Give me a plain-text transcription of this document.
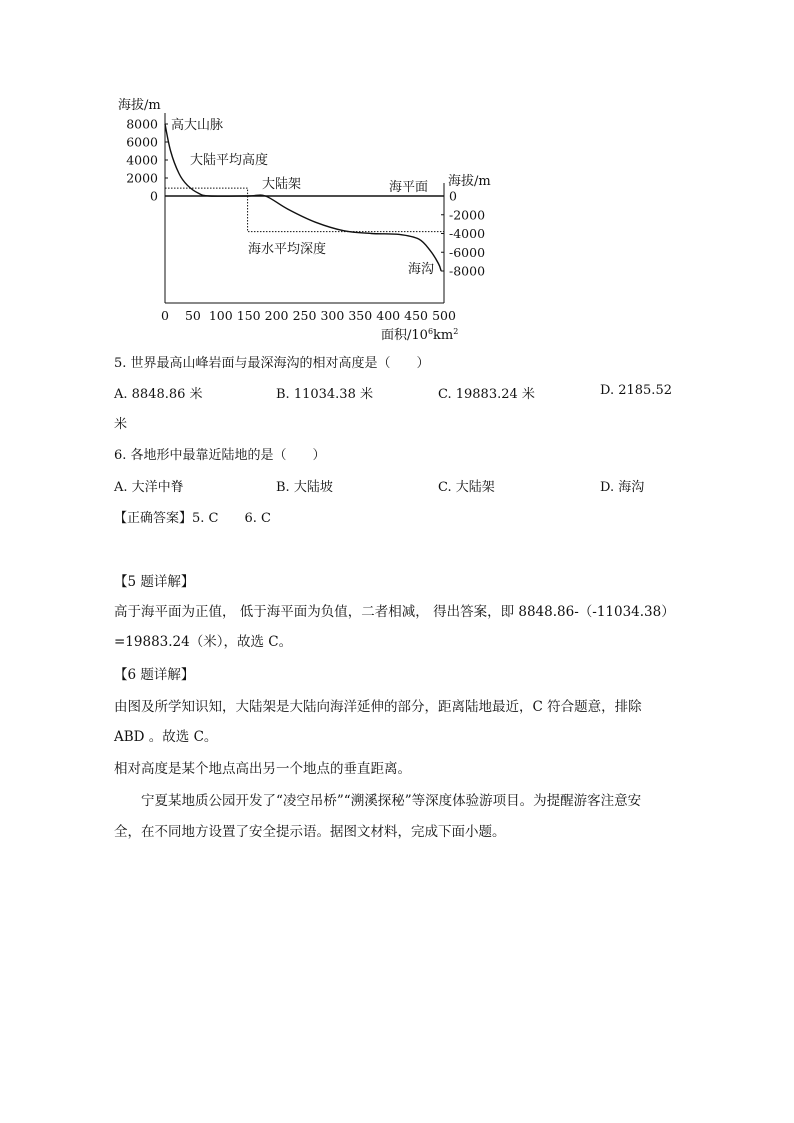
海拔/m
8000
6000
4000
2000
0	0
-2000
-4000
-6000
-8000
0 50 100 150 200 250 300 350 400 450 500
海拔/m
面积$/10^6km^2$
高大山脉
大陆平均高度
大陆架	海平面
海水平均深度
海沟
5. 世界最高山峰岩面与最深海沟的相对高度是（　　）
A. 8848.86 米	B. 11034.38 米	C. 19883.24 米	D. 2185.52
米
6. 各地形中最靠近陆地的是（　　）
A. 大洋中脊	B. 大陆坡	C. 大陆架	D. 海沟
【正确答案】5. C 6. C
【5 题详解】
高于海平面为正值， 低于海平面为负值，二者相减， 得出答案，即 8848.86-（-11034.38）
=19883.24（米），故选 C。
【6 题详解】
由图及所学知识知，大陆架是大陆向海洋延伸的部分，距离陆地最近，C 符合题意，排除
ABD 。故选 C。
相对高度是某个地点高出另一个地点的垂直距离。
宁夏某地质公园开发了“凌空吊桥”“溯溪探秘”等深度体验游项目。为提醒游客注意安
全，在不同地方设置了安全提示语。据图文材料，完成下面小题。
